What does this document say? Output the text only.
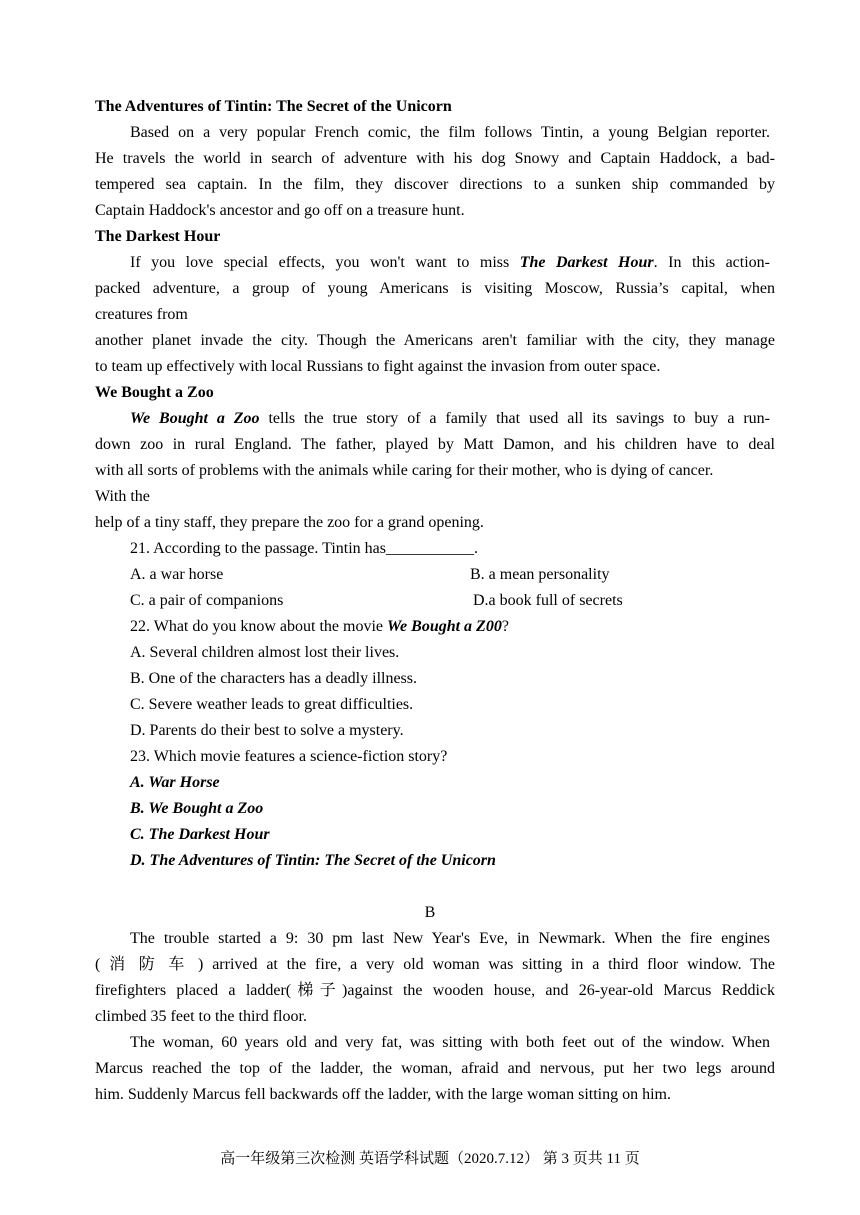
The Adventures of Tintin: The Secret of the Unicorn
Based on a very popular French comic, the film follows Tintin, a young Belgian reporter.
He travels the world in search of adventure with his dog Snowy and Captain Haddock, a bad-
tempered sea captain. In the film, they discover directions to a sunken ship commanded by
Captain Haddock's ancestor and go off on a treasure hunt.
The Darkest Hour
If you love special effects, you won't want to miss The Darkest Hour. In this action-
packed adventure, a group of young Americans is visiting Moscow, Russia’s capital, when
creatures from
another planet invade the city. Though the Americans aren't familiar with the city, they manage
to team up effectively with local Russians to fight against the invasion from outer space.
We Bought a Zoo
We Bought a Zoo tells the true story of a family that used all its savings to buy a run-
down zoo in rural England. The father, played by Matt Damon, and his children have to deal
with all sorts of problems with the animals while caring for their mother, who is dying of cancer.
With the
help of a tiny staff, they prepare the zoo for a grand opening.
21. According to the passage. Tintin has___________.
A. a war horse	B. a mean personality
C. a pair of companions	D.a book full of secrets
22. What do you know about the movie We Bought a Z00?
A. Several children almost lost their lives.
B. One of the characters has a deadly illness.
C. Severe weather leads to great difficulties.
D. Parents do their best to solve a mystery.
23. Which movie features a science-fiction story?
A. War Horse
B. We Bought a Zoo
C. The Darkest Hour
D. The Adventures of Tintin: The Secret of the Unicorn
B
The trouble started a 9: 30 pm last New Year's Eve, in Newmark. When the fire engines
( 消 防 车 ) arrived at the fire, a very old woman was sitting in a third floor window. The
firefighters placed a ladder(梯子)against the wooden house, and 26-year-old Marcus Reddick
climbed 35 feet to the third floor.
The woman, 60 years old and very fat, was sitting with both feet out of the window. When
Marcus reached the top of the ladder, the woman, afraid and nervous, put her two legs around
him. Suddenly Marcus fell backwards off the ladder, with the large woman sitting on him.
高一年级第三次检测 英语学科试题（2020.7.12） 第 3 页共 11 页
